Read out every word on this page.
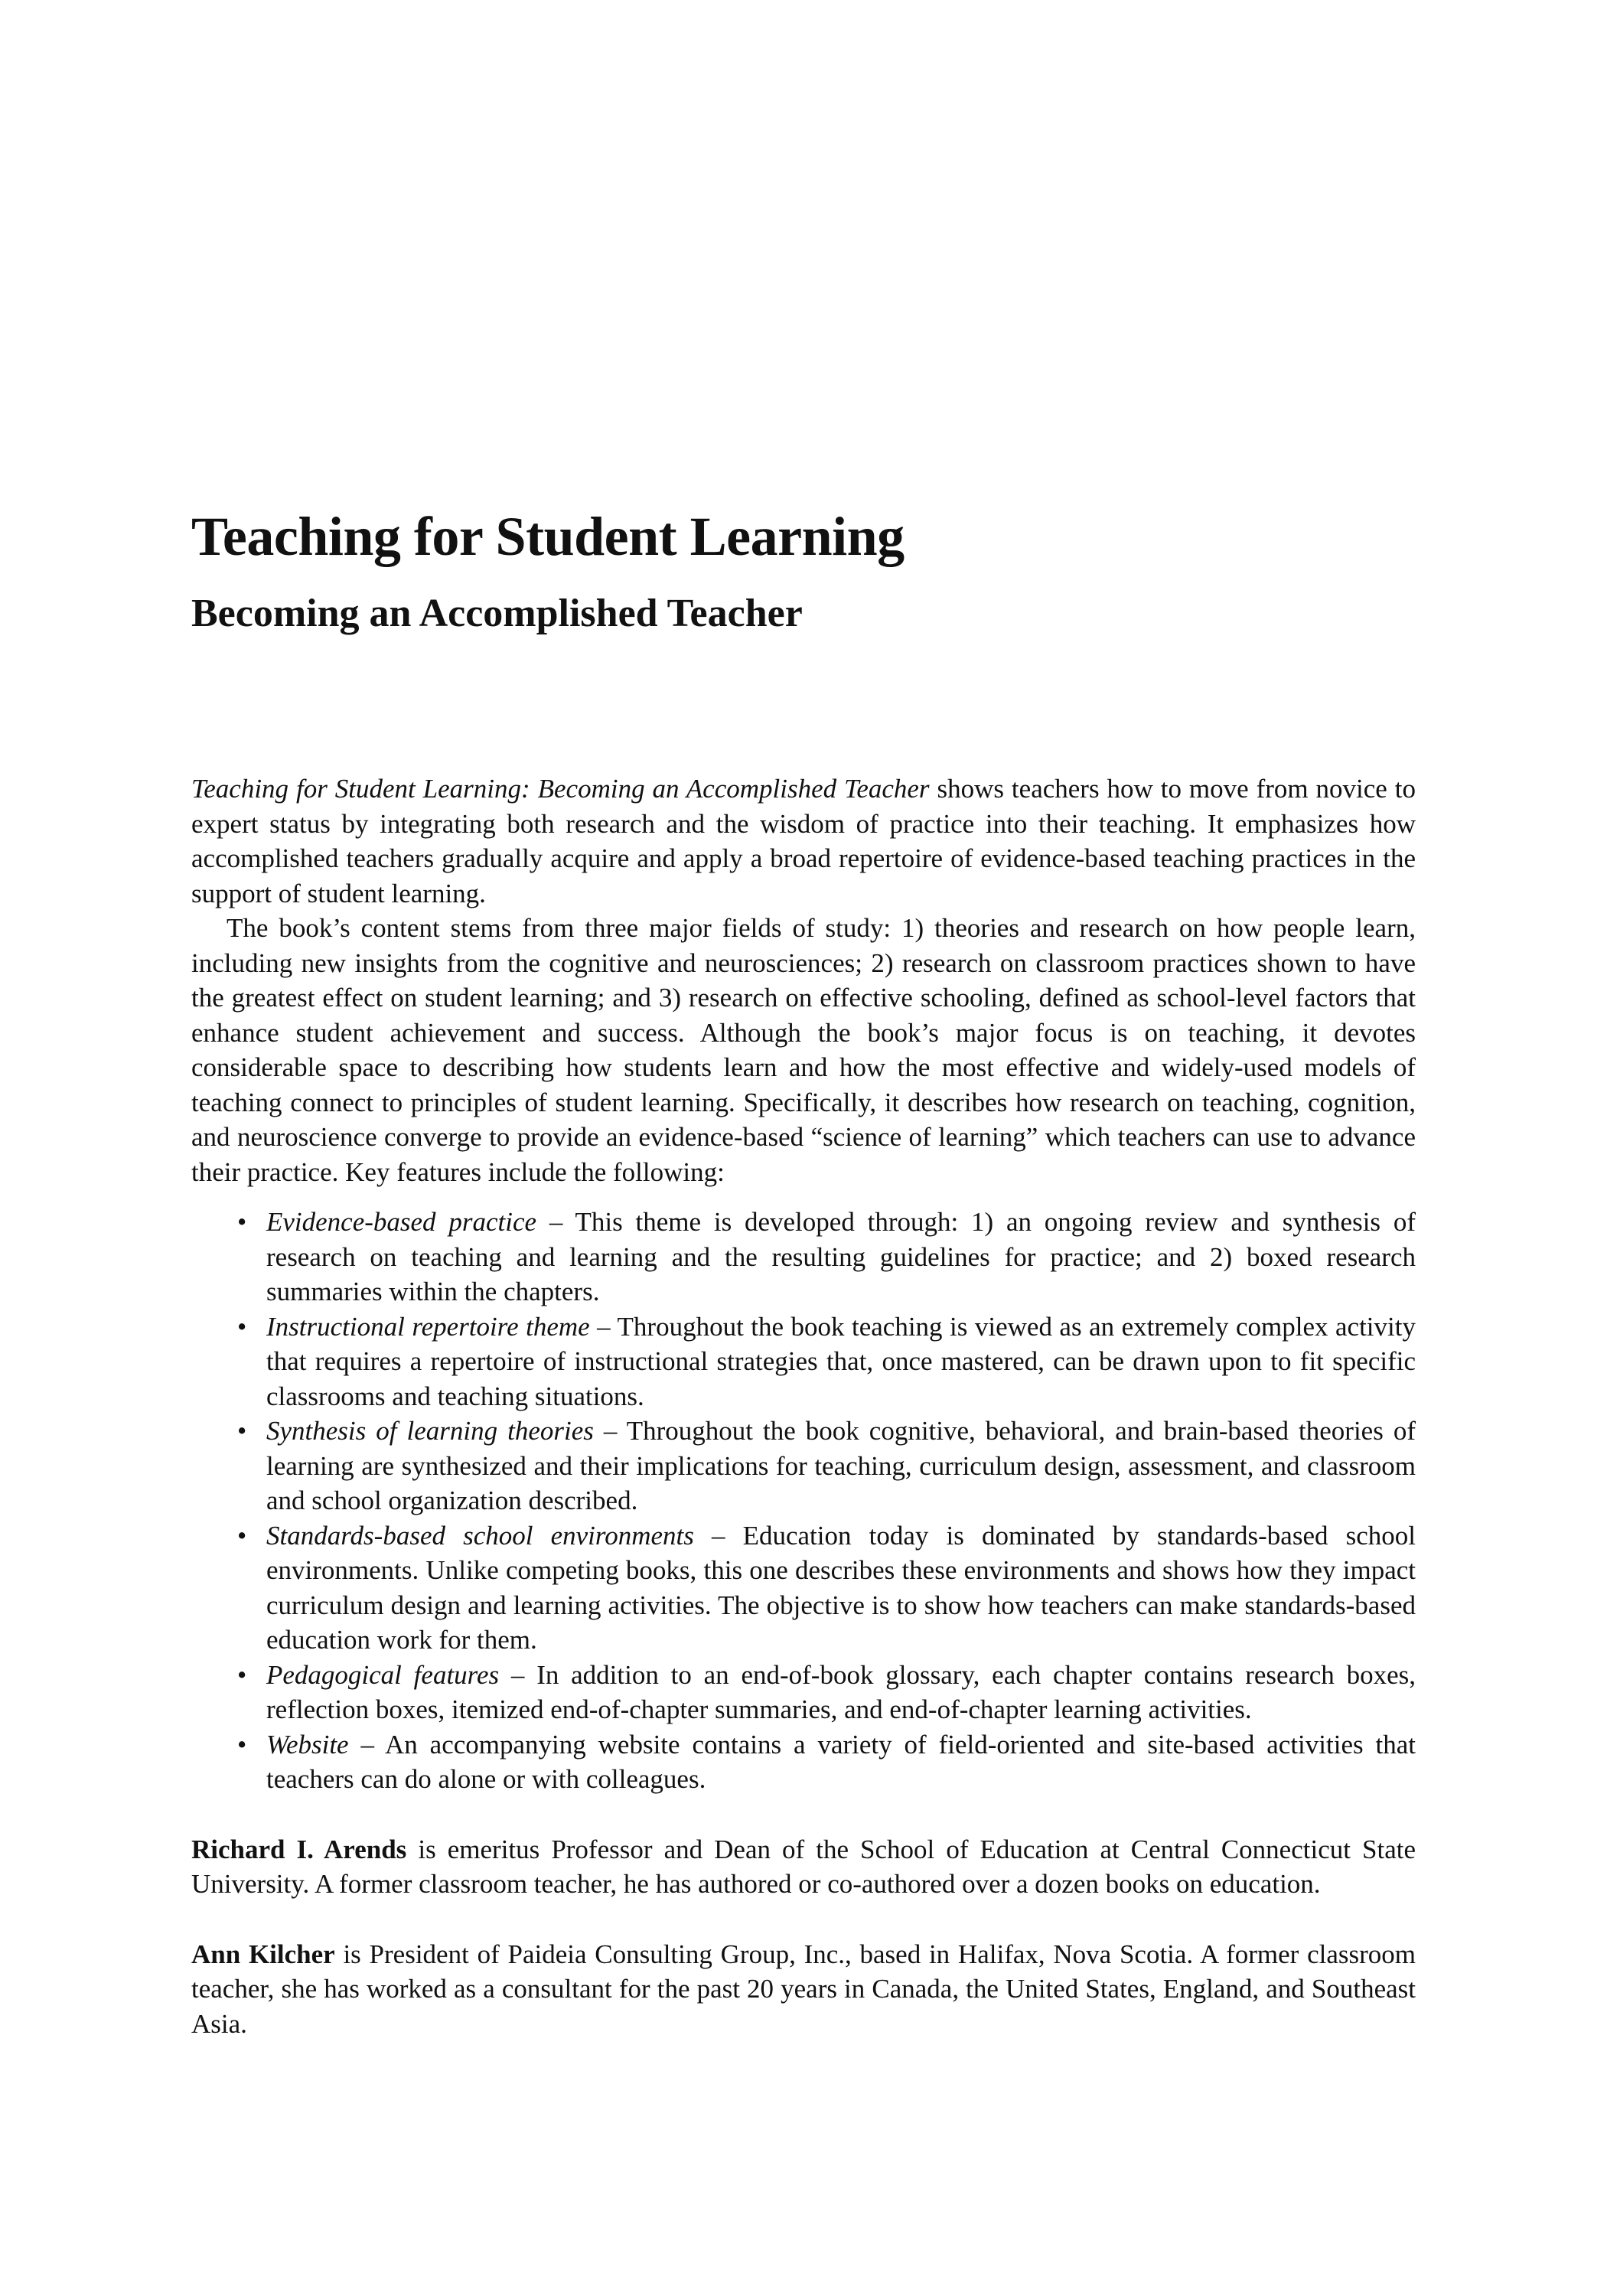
Teaching for Student Learning
Becoming an Accomplished Teacher

Teaching for Student Learning: Becoming an Accomplished Teacher shows teachers how to move from novice to expert status by integrating both research and the wisdom of practice into their teaching. It emphasizes how accomplished teachers gradually acquire and apply a broad repertoire of evidence-based teaching practices in the support of student learning.

The book’s content stems from three major fields of study: 1) theories and research on how people learn, including new insights from the cognitive and neurosciences; 2) research on classroom practices shown to have the greatest effect on student learning; and 3) research on effective schooling, defined as school-level factors that enhance student achievement and success. Although the book’s major focus is on teaching, it devotes considerable space to describing how students learn and how the most effective and widely-used models of teaching connect to principles of student learning. Specifically, it describes how research on teaching, cognition, and neuroscience converge to provide an evidence-based “science of learning” which teachers can use to advance their practice. Key features include the following:

• Evidence-based practice – This theme is developed through: 1) an ongoing review and synthesis of research on teaching and learning and the resulting guidelines for practice; and 2) boxed research summaries within the chapters.
• Instructional repertoire theme – Throughout the book teaching is viewed as an extremely complex activity that requires a repertoire of instructional strategies that, once mastered, can be drawn upon to fit specific classrooms and teaching situations.
• Synthesis of learning theories – Throughout the book cognitive, behavioral, and brain-based theories of learning are synthesized and their implications for teaching, curriculum design, assessment, and classroom and school organization described.
• Standards-based school environments – Education today is dominated by standards-based school environments. Unlike competing books, this one describes these environments and shows how they impact curriculum design and learning activities. The objective is to show how teachers can make standards-based education work for them.
• Pedagogical features – In addition to an end-of-book glossary, each chapter contains research boxes, reflection boxes, itemized end-of-chapter summaries, and end-of-chapter learning activities.
• Website – An accompanying website contains a variety of field-oriented and site-based activities that teachers can do alone or with colleagues.

Richard I. Arends is emeritus Professor and Dean of the School of Education at Central Connecticut State University. A former classroom teacher, he has authored or co-authored over a dozen books on education.

Ann Kilcher is President of Paideia Consulting Group, Inc., based in Halifax, Nova Scotia. A former classroom teacher, she has worked as a consultant for the past 20 years in Canada, the United States, England, and Southeast Asia.
